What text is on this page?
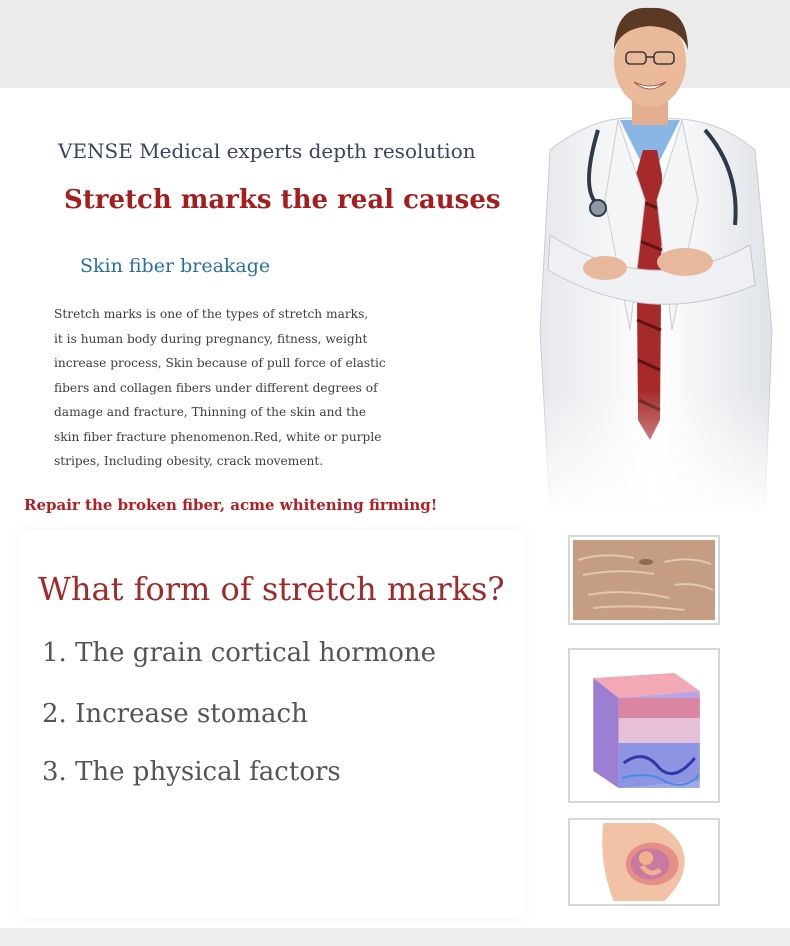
VENSE Medical experts depth resolution
Stretch marks the real causes
Skin fiber breakage
Stretch marks is one of the types of stretch marks,
it is human body during pregnancy, fitness, weight
increase process, Skin because of pull force of elastic
fibers and collagen fibers under different degrees of
damage and fracture, Thinning of the skin and the
skin fiber fracture phenomenon.Red, white or purple
stripes, Including obesity, crack movement.
Repair the broken fiber, acme whitening firming!
What form of stretch marks?
1. The grain cortical hormone
2. Increase stomach
3. The physical factors
